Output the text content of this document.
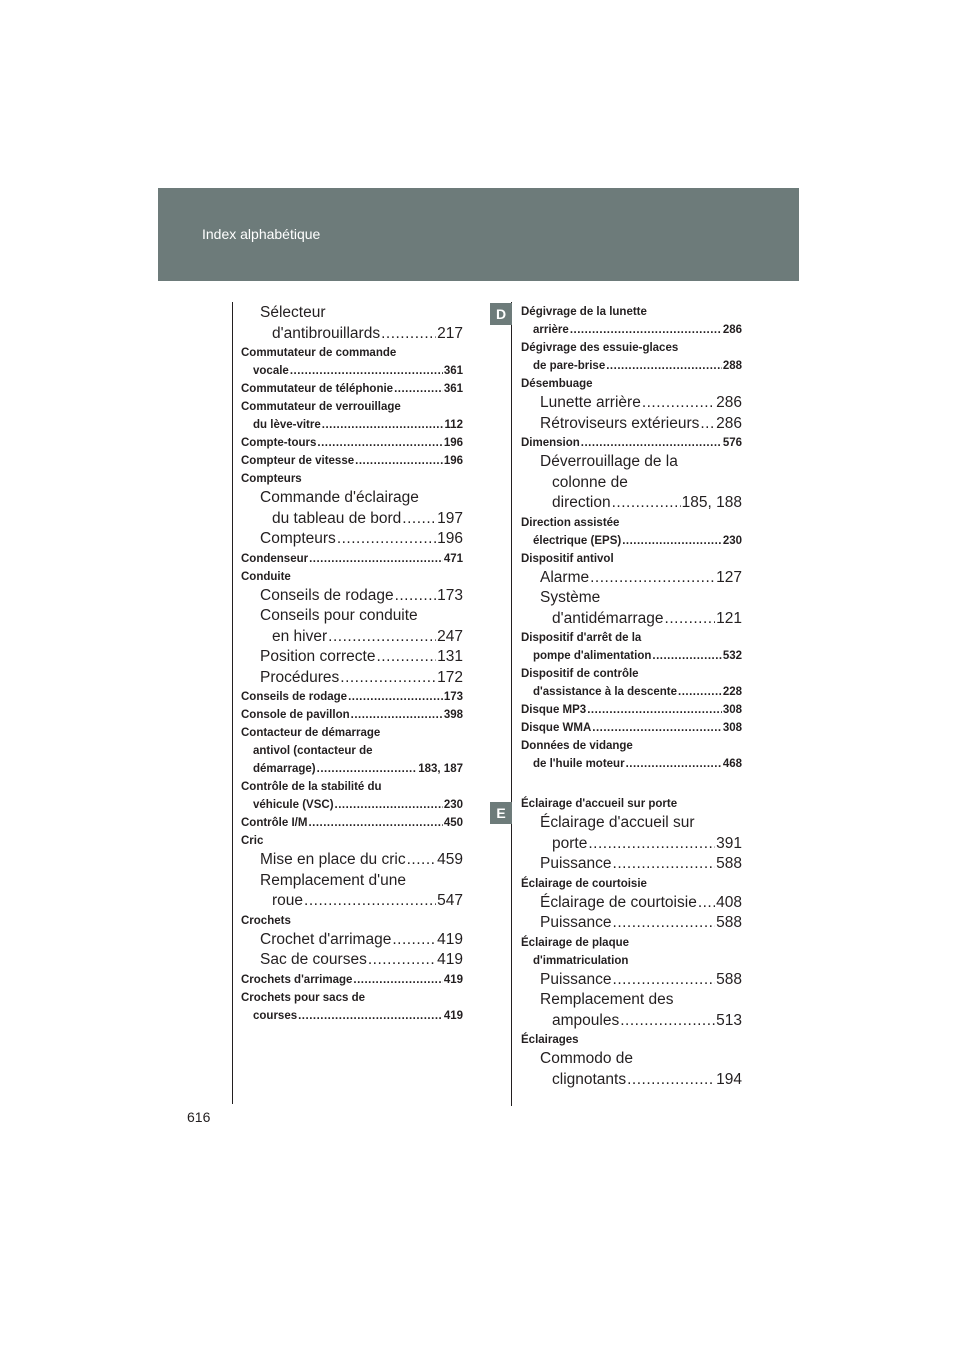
Index alphabétique
D
E
616
Sélecteur
d'antibrouillards .....	217
Commutateur de commande
vocale .....	361
Commutateur de téléphonie .....	361
Commutateur de verrouillage
du lève-vitre .....	112
Compte-tours .....	196
Compteur de vitesse .....	196
Compteurs
Commande d'éclairage
du tableau de bord ..... 197
Compteurs .....	196
Condenseur .....	471
Conduite
Conseils de rodage .....	173
Conseils pour conduite
en hiver .....	247
Position correcte .....	131
Procédures .....	172
Conseils de rodage .....	173
Console de pavillon .....	398
Contacteur de démarrage
antivol (contacteur de
démarrage) .....	183, 187
Contrôle de la stabilité du
véhicule (VSC) .....	230
Contrôle I/M .....	450
Cric
Mise en place du cric ..... 459
Remplacement d'une
roue .....	547
Crochets
Crochet d'arrimage .....	419
Sac de courses .....	419
Crochets d'arrimage .....	419
Crochets pour sacs de
courses .....	419
Dégivrage de la lunette
arrière .....	286
Dégivrage des essuie-glaces
de pare-brise .....	288
Désembuage
Lunette arrière .....	286
Rétroviseurs extérieurs ..... 286
Dimension .....	576
Déverrouillage de la
colonne de
direction .....	185, 188
Direction assistée
électrique (EPS) .....	230
Dispositif antivol
Alarme .....	127
Système
d'antidémarrage .....	121
Dispositif d'arrêt de la
pompe d'alimentation .....	532
Dispositif de contrôle
d'assistance à la descente .....	228
Disque MP3 .....	308
Disque WMA .....	308
Données de vidange
de l'huile moteur .....	468
Éclairage d'accueil sur porte
Éclairage d'accueil sur
porte .....	391
Puissance .....	588
Éclairage de courtoisie
Éclairage de courtoisie ..... 408
Puissance .....	588
Éclairage de plaque
d'immatriculation
Puissance .....	588
Remplacement des
ampoules .....	513
Éclairages
Commodo de
clignotants .....	194
